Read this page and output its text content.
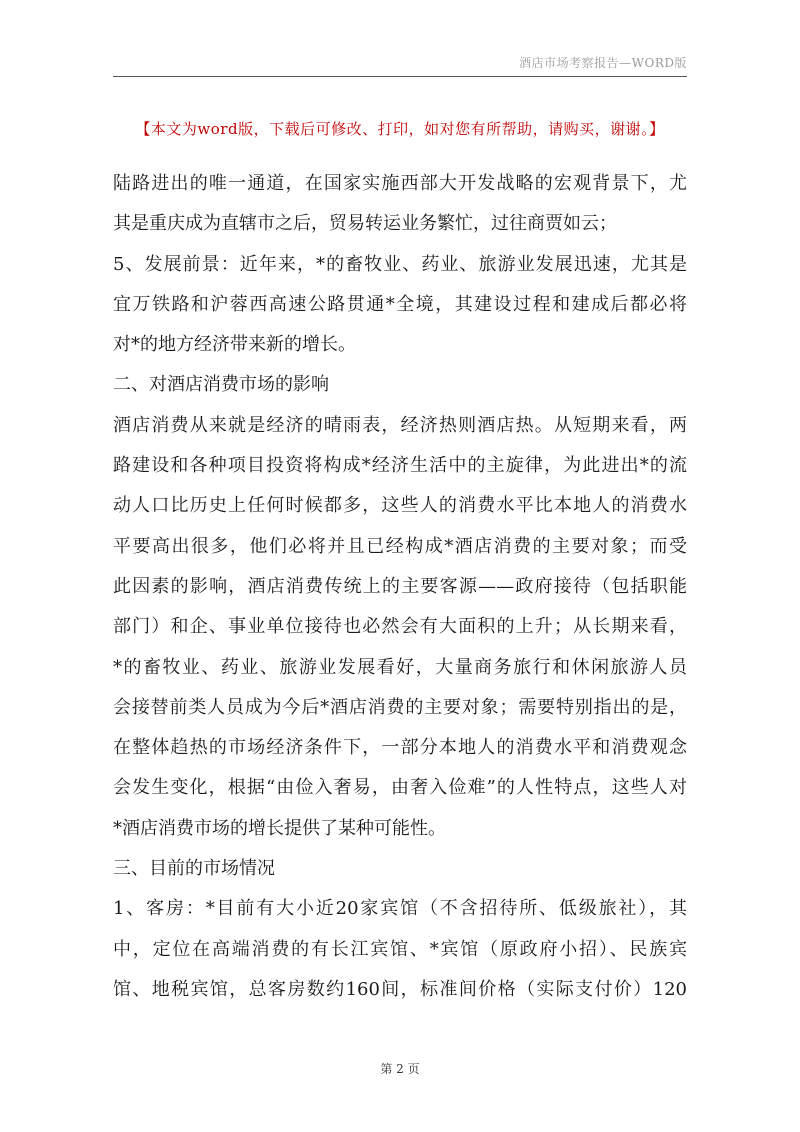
酒店市场考察报告—WORD版
【本文为word版，下载后可修改、打印，如对您有所帮助，请购买，谢谢。】
陆路进出的唯一通道，在国家实施西部大开发战略的宏观背景下，尤
其是重庆成为直辖市之后，贸易转运业务繁忙，过往商贾如云；
5、发展前景：近年来，*的畜牧业、药业、旅游业发展迅速，尤其是
宜万铁路和沪蓉西高速公路贯通*全境，其建设过程和建成后都必将
对*的地方经济带来新的增长。
二、对酒店消费市场的影响
酒店消费从来就是经济的晴雨表，经济热则酒店热。从短期来看，两
路建设和各种项目投资将构成*经济生活中的主旋律，为此进出*的流
动人口比历史上任何时候都多，这些人的消费水平比本地人的消费水
平要高出很多，他们必将并且已经构成*酒店消费的主要对象；而受
此因素的影响，酒店消费传统上的主要客源——政府接待（包括职能
部门）和企、事业单位接待也必然会有大面积的上升；从长期来看，
*的畜牧业、药业、旅游业发展看好，大量商务旅行和休闲旅游人员
会接替前类人员成为今后*酒店消费的主要对象；需要特别指出的是，
在整体趋热的市场经济条件下，一部分本地人的消费水平和消费观念
会发生变化，根据“由俭入奢易，由奢入俭难”的人性特点，这些人对
*酒店消费市场的增长提供了某种可能性。
三、目前的市场情况
1、客房：*目前有大小近20家宾馆（不含招待所、低级旅社），其
中，定位在高端消费的有长江宾馆、*宾馆（原政府小招）、民族宾
馆、地税宾馆，总客房数约160间，标准间价格（实际支付价）120
第 2 页
